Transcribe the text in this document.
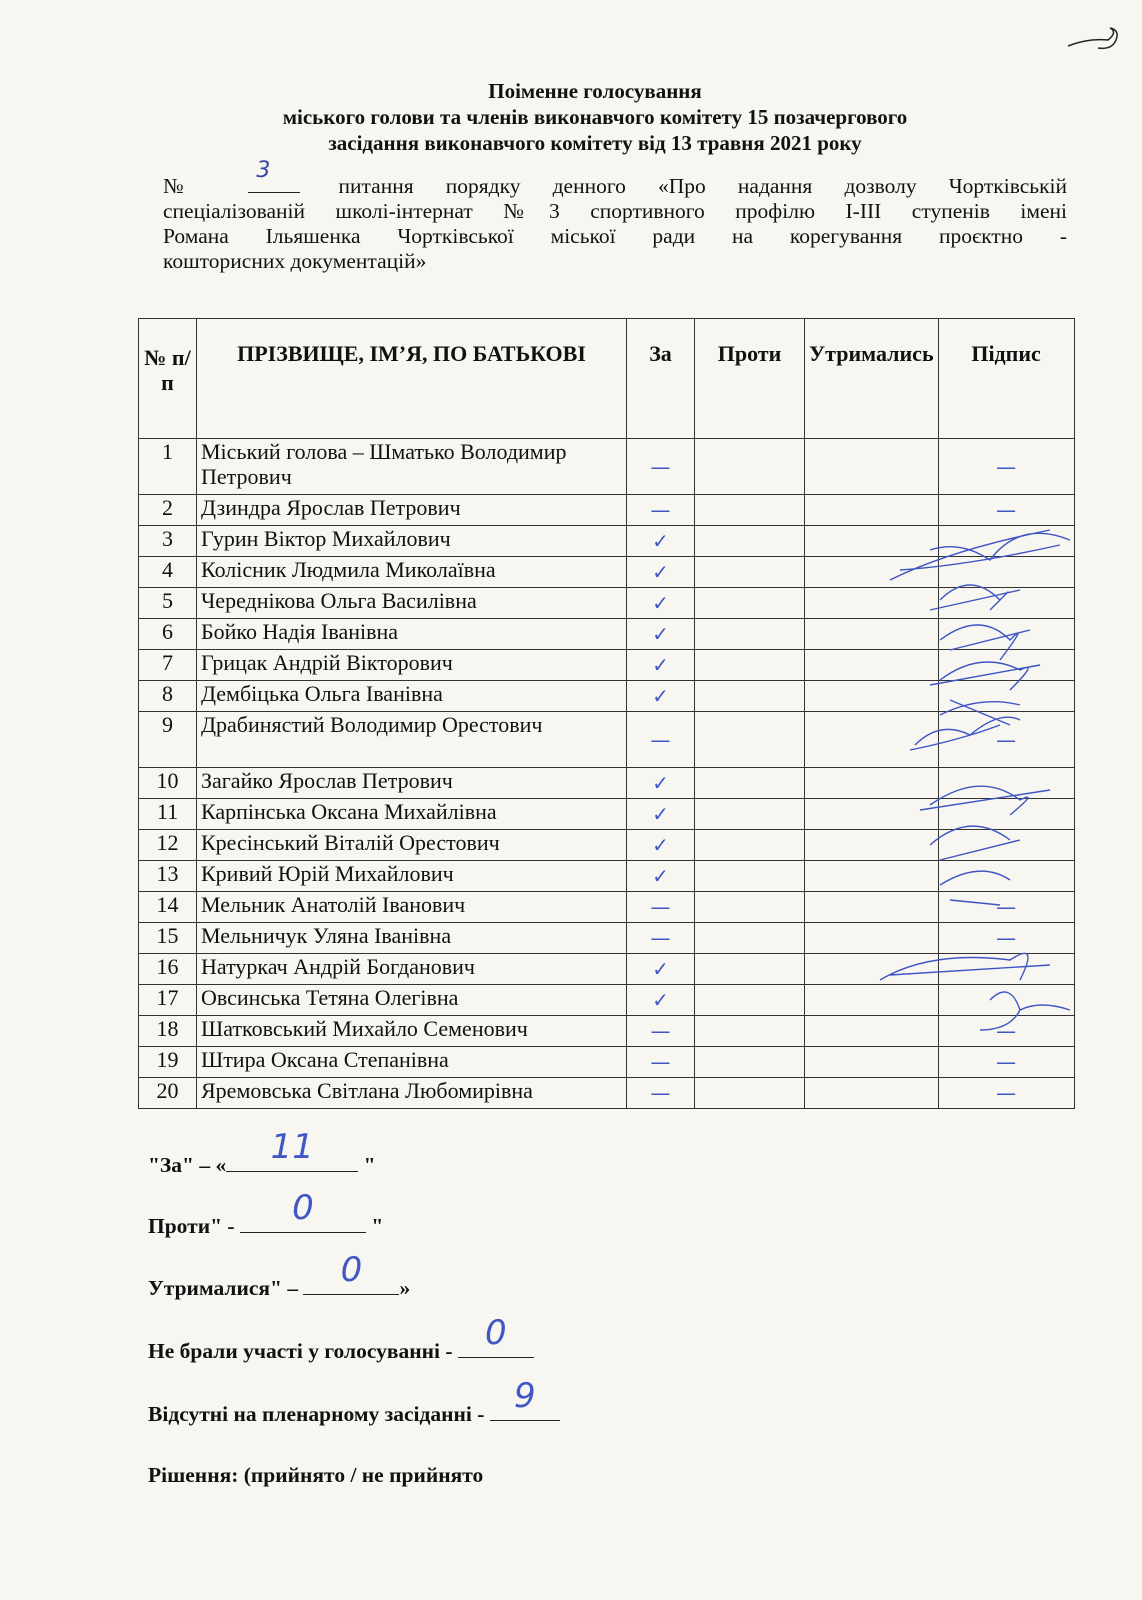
Поіменне голосування
міського голови та членів виконавчого комітету 15 позачергового
засідання виконавчого комітету від 13 травня 2021 року
№
3
питання порядку денного «Про надання дозволу Чортківській
спеціалізованій школі-інтернат №3 спортивного профілю І-ІІІ ступенів імені
Романа Ільяшенка Чортківської міської ради на корегування проєктно -
кошторисних документацій»
№ п/п	ПРІЗВИЩЕ, ІМ’Я, ПО БАТЬКОВІ	За	Проти	Утримались	Підпис
1	Міський голова – Шматько Володимир Петрович	—			—
2	Дзиндра Ярослав Петрович	—			—
3	Гурин Віктор Михайлович	✓			
4	Колісник Людмила Миколаївна	✓			
5	Череднікова Ольга Василівна	✓			
6	Бойко Надія Іванівна	✓			
7	Грицак Андрій Вікторович	✓			
8	Дембіцька Ольга Іванівна	✓			
9	Драбинястий Володимир Орестович	—			—
10	Загайко Ярослав Петрович	✓			
11	Карпінська Оксана Михайлівна	✓			
12	Кресінський Віталій Орестович	✓			
13	Кривий Юрій Михайлович	✓			
14	Мельник Анатолій Іванович	—			—
15	Мельничук Уляна Іванівна	—			—
16	Натуркач Андрій Богданович	✓			
17	Овсинська Тетяна Олегівна	✓			
18	Шатковський Михайло Семенович	—			—
19	Штира Оксана Степанівна	—			—
20	Яремовська Світлана Любомирівна	—			—
"За" – « 11 "
Проти" - 0 "
Утрималися" – 0 »
Не брали участі у голосуванні - 0
Відсутні на пленарному засіданні - 9
Рішення: (прийнято / не прийнято
